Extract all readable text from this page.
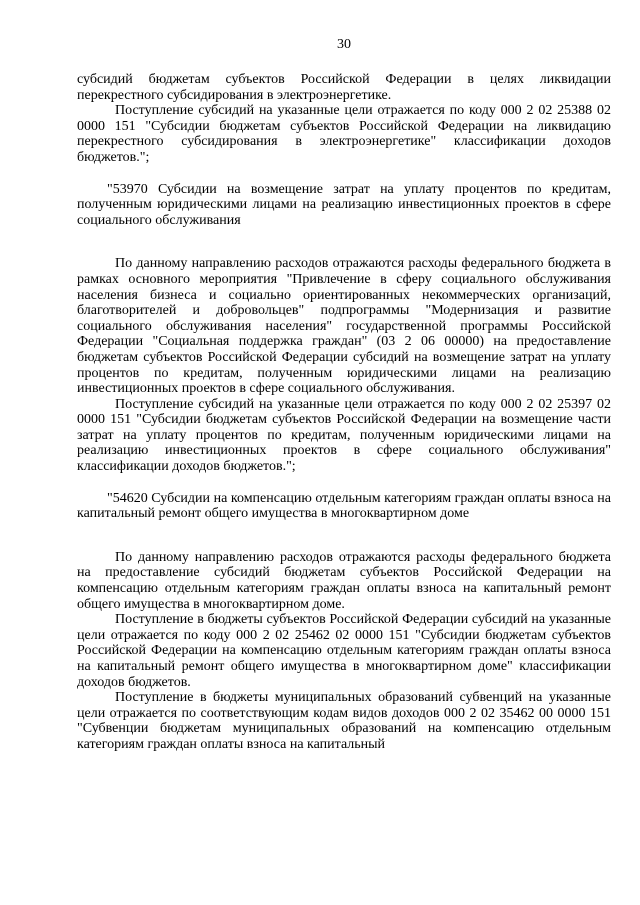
30

субсидий бюджетам субъектов Российской Федерации в целях ликвидации перекрестного субсидирования в электроэнергетике.

Поступление субсидий на указанные цели отражается по коду 000 2 02 25388 02 0000 151 "Субсидии бюджетам субъектов Российской Федерации на ликвидацию перекрестного субсидирования в электроэнергетике" классификации доходов бюджетов.";

"53970 Субсидии на возмещение затрат на уплату процентов по кредитам, полученным юридическими лицами на реализацию инвестиционных проектов в сфере социального обслуживания

По данному направлению расходов отражаются расходы федерального бюджета в рамках основного мероприятия "Привлечение в сферу социального обслуживания населения бизнеса и социально ориентированных некоммерческих организаций, благотворителей и добровольцев" подпрограммы "Модернизация и развитие социального обслуживания населения" государственной программы Российской Федерации "Социальная поддержка граждан" (03 2 06 00000) на предоставление бюджетам субъектов Российской Федерации субсидий на возмещение затрат на уплату процентов по кредитам, полученным юридическими лицами на реализацию инвестиционных проектов в сфере социального обслуживания.

Поступление субсидий на указанные цели отражается по коду 000 2 02 25397 02 0000 151 "Субсидии бюджетам субъектов Российской Федерации на возмещение части затрат на уплату процентов по кредитам, полученным юридическими лицами на реализацию инвестиционных проектов в сфере социального обслуживания" классификации доходов бюджетов.";

"54620 Субсидии на компенсацию отдельным категориям граждан оплаты взноса на капитальный ремонт общего имущества в многоквартирном доме

По данному направлению расходов отражаются расходы федерального бюджета на предоставление субсидий бюджетам субъектов Российской Федерации на компенсацию отдельным категориям граждан оплаты взноса на капитальный ремонт общего имущества в многоквартирном доме.

Поступление в бюджеты субъектов Российской Федерации субсидий на указанные цели отражается по коду 000 2 02 25462 02 0000 151 "Субсидии бюджетам субъектов Российской Федерации на компенсацию отдельным категориям граждан оплаты взноса на капитальный ремонт общего имущества в многоквартирном доме" классификации доходов бюджетов.

Поступление в бюджеты муниципальных образований субвенций на указанные цели отражается по соответствующим кодам видов доходов 000 2 02 35462 00 0000 151 "Субвенции бюджетам муниципальных образований на компенсацию отдельным категориям граждан оплаты взноса на капитальный
